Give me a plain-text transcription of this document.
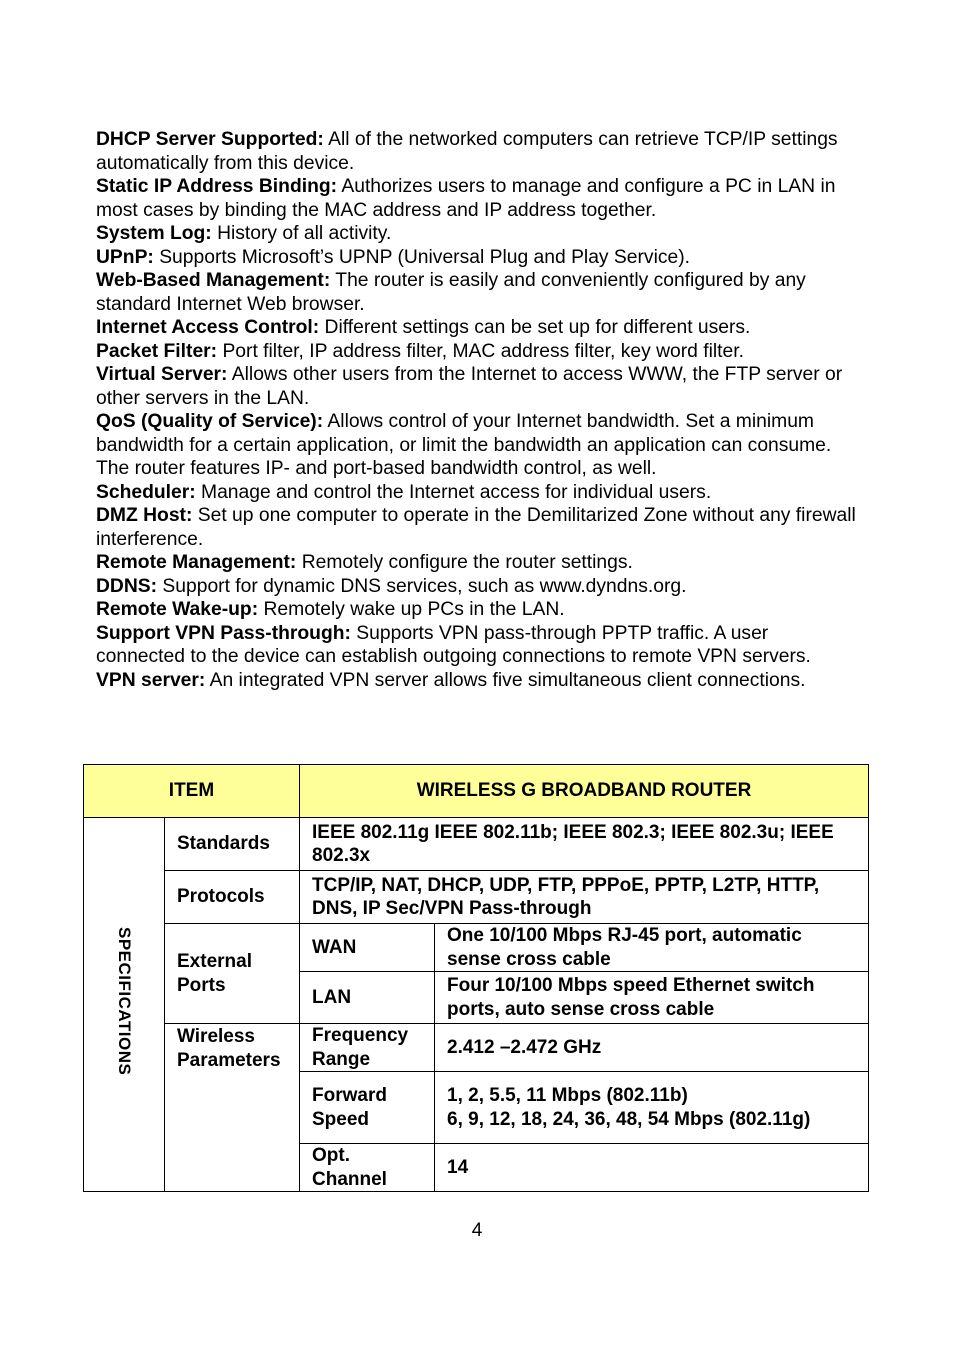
DHCP Server Supported: All of the networked computers can retrieve TCP/IP settings automatically from this device.

Static IP Address Binding: Authorizes users to manage and configure a PC in LAN in most cases by binding the MAC address and IP address together.

System Log: History of all activity.

UPnP: Supports Microsoft’s UPNP (Universal Plug and Play Service).

Web-Based Management: The router is easily and conveniently configured by any standard Internet Web browser.

Internet Access Control: Different settings can be set up for different users.

Packet Filter: Port filter, IP address filter, MAC address filter, key word filter.

Virtual Server: Allows other users from the Internet to access WWW, the FTP server or other servers in the LAN.

QoS (Quality of Service): Allows control of your Internet bandwidth. Set a minimum bandwidth for a certain application, or limit the bandwidth an application can consume. The router features IP- and port-based bandwidth control, as well.

Scheduler: Manage and control the Internet access for individual users.

DMZ Host: Set up one computer to operate in the Demilitarized Zone without any firewall interference.

Remote Management: Remotely configure the router settings.

DDNS: Support for dynamic DNS services, such as www.dyndns.org.

Remote Wake-up: Remotely wake up PCs in the LAN.

Support VPN Pass-through: Supports VPN pass-through PPTP traffic. A user connected to the device can establish outgoing connections to remote VPN servers.

VPN server: An integrated VPN server allows five simultaneous client connections.

ITEM		WIRELESS G BROADBAND ROUTER	
SPECIFICATIONS	Standards	IEEE 802.11g IEEE 802.11b; IEEE 802.3; IEEE 802.3u; IEEE 802.3x	
	Protocols	TCP/IP, NAT, DHCP, UDP, FTP, PPPoE, PPTP, L2TP, HTTP, DNS, IP Sec/VPN Pass-through	
	External Ports	WAN	One 10/100 Mbps RJ-45 port, automatic sense cross cable
		LAN	Four 10/100 Mbps speed Ethernet switch ports, auto sense cross cable
	Wireless Parameters	Frequency Range	2.412 –2.472 GHz
		Forward Speed	1, 2, 5.5, 11 Mbps (802.11b)
6, 9, 12, 18, 24, 36, 48, 54 Mbps (802.11g)

		Opt. Channel	14
4
